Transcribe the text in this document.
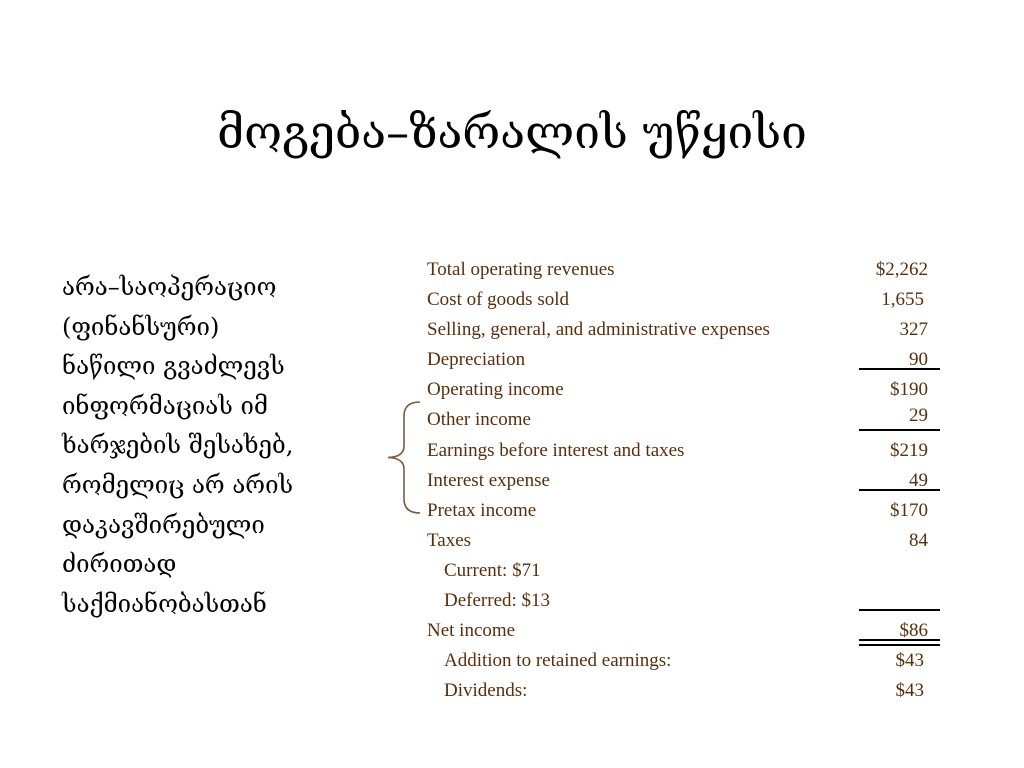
მოგება–ზარალის უწყისი
არა–საოპერაციო
(ფინანსური)
ნაწილი გვაძლევს
ინფორმაციას იმ
ხარჯების შესახებ,
რომელიც არ არის
დაკავშირებული
ძირითად
საქმიანობასთან
Total operating revenues	$2,262
Cost of goods sold	1,655
Selling, general, and administrative expenses	327
Depreciation	90
Operating income	$190
Other income	29
Earnings before interest and taxes	$219
Interest expense	49
Pretax income	$170
Taxes	84
Current: $71
Deferred: $13
Net income	$86
Addition to retained earnings:	$43
Dividends:	$43
